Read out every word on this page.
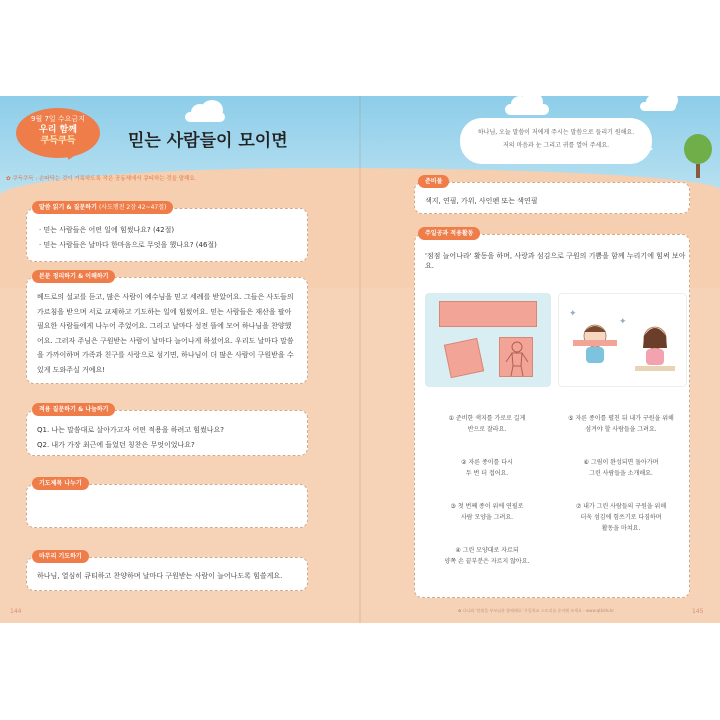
9월 7일 수요금지
우리 함께
쿠득쿠득	믿는 사람들이 모이면
✿ 쿠득쿠득 : 손따닥는 것이 거룩하도록 작은 공동체에서 큐티하는 것을 말해요.
하나님, 오늘 말씀이 저에게 주시는 말씀으로 들리기 원해요.
저의 마음과 눈 그리고 귀를 열어 주세요.
· 믿는 사람들은 어떤 일에 힘썼나요? (42절)
· 믿는 사람들은 날마다 한마음으로 무엇을 했나요? (46절)
말씀 읽기 & 질문하기 (사도행전 2장 42~47절)
베드로의 설교를 듣고, 많은 사람이 예수님을 믿고 세례를 받았어요. 그들은 사도들의 가르침을 받으며 서로 교제하고 기도하는 일에 힘썼어요. 믿는 사람들은 재산을 팔아 필요한 사람들에게 나누어 주었어요. 그리고 날마다 성전 뜰에 모여 하나님을 찬양했어요. 그러자 주님은 구원받는 사람이 날마다 늘어나게 하셨어요. 우리도 날마다 말씀을 가까이하며 가족과 친구를 사랑으로 섬기면, 하나님이 더 많은 사람이 구원받을 수 있게 도와주실 거예요!
본문 정리하기 & 이해하기
Q1. 나는 말씀대로 살아가고자 어떤 적용을 하려고 힘썼나요?
Q2. 내가 가장 최근에 들었던 칭찬은 무엇이었나요?
적용 질문하기 & 나눔하기
기도제목 나누기
하나님, 열심히 큐티하고 찬양하며 날마다 구원받는 사람이 늘어나도록 힘쓸게요.
마무리 기도하기
144
색지, 연필, 가위, 사인펜 또는 색연필
준비물
'점점 늘어나라' 활동을 하며, 사랑과 섬김으로 구원의 기쁨을 함께 누리기에 힘써 보아요.
✦
✦
① 준비한 색지를 가로로 길게
반으로 잘라요.
② 자른 종이를 다시
두 번 더 접어요.
③ 첫 번째 종이 위에 연필로
사람 모양을 그려요.
④ 그린 모양대로 자르되
양쪽 손 끝부분은 자르지 않아요.
⑤ 자른 종이를 펼친 뒤 내가 구원을 위해
섬겨야 할 사람들을 그려요.
⑥ 그림이 완성되면 돌아가며
그린 사람들을 소개해요.
⑦ 내가 그린 사람들의 구원을 위해
더욱 섬김에 힘쓰기로 다짐하며
활동을 마쳐요.
주일공과 적용활동
✿ 다니와 '말씀을 부모님과 함께해요' 주일학교 스토리를 준비해 보세요 - www.qtkids.kr	145
